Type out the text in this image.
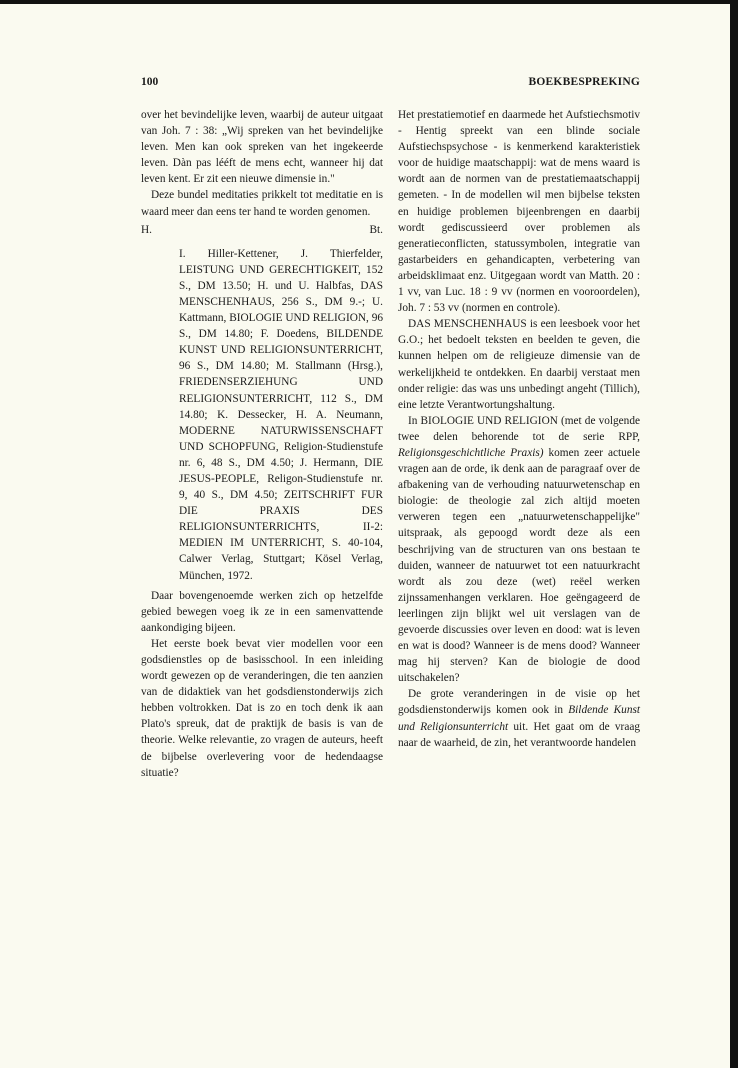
100	BOEKBESPREKING

over het bevindelijke leven, waarbij de auteur uitgaat van Joh. 7 : 38: „Wij spreken van het bevindelijke leven. Men kan ook spreken van het ingekeerde leven. Dàn pas lééft de mens echt, wanneer hij dat leven kent. Er zit een nieuwe dimensie in."

Deze bundel meditaties prikkelt tot meditatie en is waard meer dan eens ter hand te worden genomen.

H.	Bt.
I. Hiller-Kettener, J. Thierfelder, LEISTUNG UND GERECHTIGKEIT, 152 S., DM 13.50; H. und U. Halbfas, DAS MENSCHENHAUS, 256 S., DM 9.-; U. Kattmann, BIOLOGIE UND RELIGION, 96 S., DM 14.80; F. Doedens, BILDENDE KUNST UND RELIGIONSUNTERRICHT, 96 S., DM 14.80; M. Stallmann (Hrsg.), FRIEDENSERZIEHUNG UND RELIGIONSUNTERRICHT, 112 S., DM 14.80; K. Dessecker, H. A. Neumann, MODERNE NATURWISSENSCHAFT UND SCHOPFUNG, Religion-Studienstufe nr. 6, 48 S., DM 4.50; J. Hermann, DIE JESUS-PEOPLE, Religon-Studienstufe nr. 9, 40 S., DM 4.50; ZEITSCHRIFT FUR DIE PRAXIS DES RELIGIONSUNTERRICHTS, II-2: MEDIEN IM UNTERRICHT, S. 40-104, Calwer Verlag, Stuttgart; Kösel Verlag, München, 1972.

Daar bovengenoemde werken zich op hetzelfde gebied bewegen voeg ik ze in een samenvattende aankondiging bijeen.

Het eerste boek bevat vier modellen voor een godsdienstles op de basisschool. In een inleiding wordt gewezen op de veranderingen, die ten aanzien van de didaktiek van het godsdienstonderwijs zich hebben voltrokken. Dat is zo en toch denk ik aan Plato's spreuk, dat de praktijk de basis is van de theorie. Welke relevantie, zo vragen de auteurs, heeft de bijbelse overlevering voor de hedendaagse situatie?

Het prestatiemotief en daarmede het Aufstiechsmotiv - Hentig spreekt van een blinde sociale Aufstiechspsychose - is kenmerkend karakteristiek voor de huidige maatschappij: wat de mens waard is wordt aan de normen van de prestatiemaatschappij gemeten. - In de modellen wil men bijbelse teksten en huidige problemen bijeenbrengen en daarbij wordt gediscussieerd over problemen als generatieconflicten, statussymbolen, integratie van gastarbeiders en gehandicapten, verbetering van arbeidsklimaat enz. Uitgegaan wordt van Matth. 20 : 1 vv, van Luc. 18 : 9 vv (normen en vooroordelen), Joh. 7 : 53 vv (normen en controle).

DAS MENSCHENHAUS is een leesboek voor het G.O.; het bedoelt teksten en beelden te geven, die kunnen helpen om de religieuze dimensie van de werkelijkheid te ontdekken. En daarbij verstaat men onder religie: das was uns unbedingt angeht (Tillich), eine letzte Verantwortungshaltung.

In BIOLOGIE UND RELIGION (met de volgende twee delen behorende tot de serie RPP, Religionsgeschichtliche Praxis) komen zeer actuele vragen aan de orde, ik denk aan de paragraaf over de afbakening van de verhouding natuurwetenschap en biologie: de theologie zal zich altijd moeten verweren tegen een „natuurwetenschappelijke" uitspraak, als gepoogd wordt deze als een beschrijving van de structuren van ons bestaan te duiden, wanneer de natuurwet tot een natuurkracht wordt als zou deze (wet) reëel werken zijnssamenhangen verklaren. Hoe geëngageerd de leerlingen zijn blijkt wel uit verslagen van de gevoerde discussies over leven en dood: wat is leven en wat is dood? Wanneer is de mens dood? Wanneer mag hij sterven? Kan de biologie de dood uitschakelen?

De grote veranderingen in de visie op het godsdienstonderwijs komen ook in Bildende Kunst und Religionsunterricht uit. Het gaat om de vraag naar de waarheid, de zin, het verantwoorde handelen
